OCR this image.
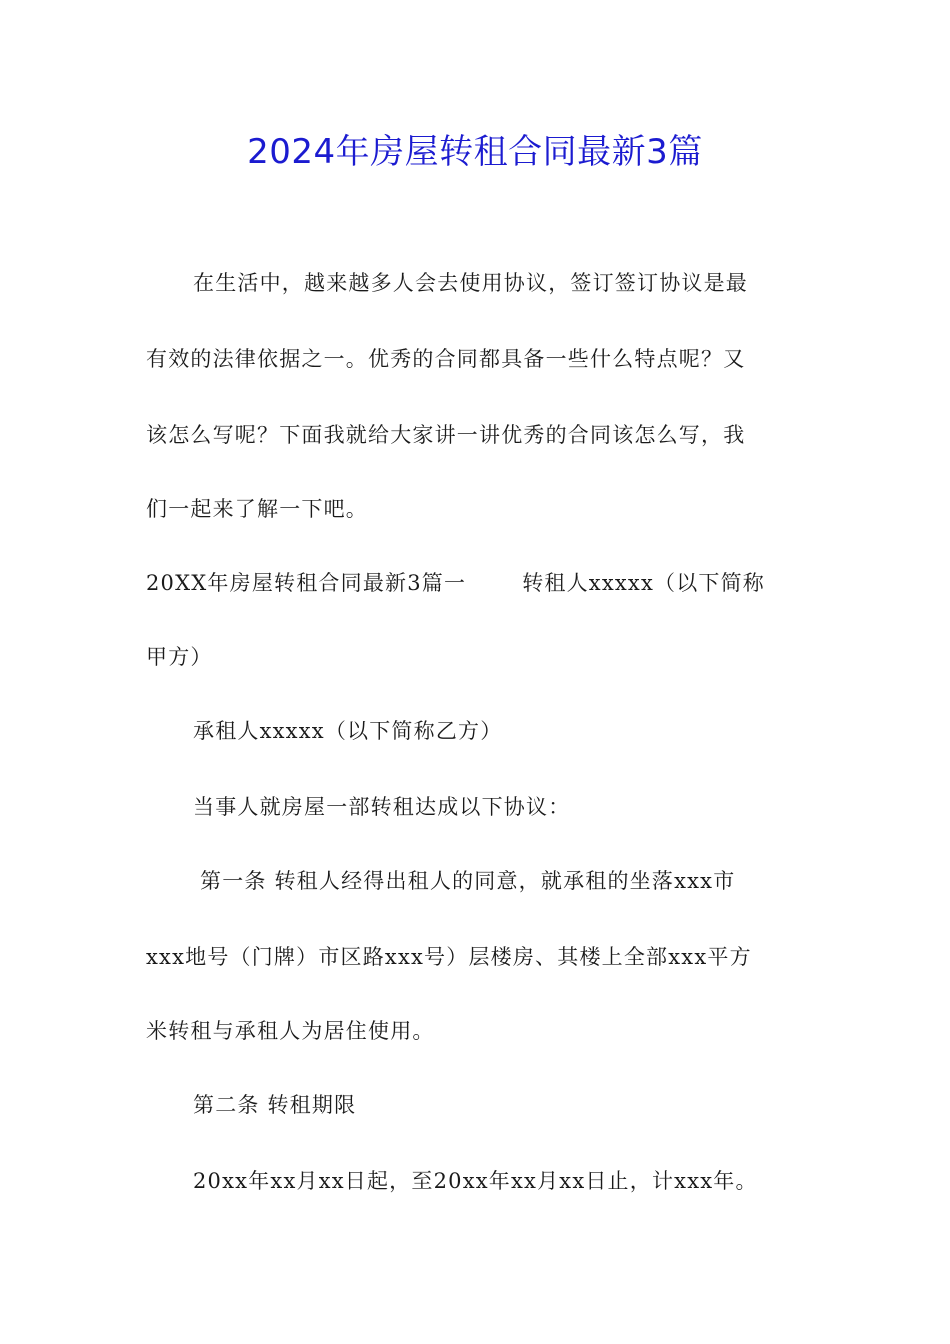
2024年房屋转租合同最新3篇
在生活中，越来越多人会去使用协议，签订签订协议是最
有效的法律依据之一。优秀的合同都具备一些什么特点呢？又
该怎么写呢？下面我就给大家讲一讲优秀的合同该怎么写，我
们一起来了解一下吧。
20XX年房屋转租合同最新3篇一	转租人xxxxx（以下简称
甲方）
承租人xxxxx（以下简称乙方）
当事人就房屋一部转租达成以下协议：
第一条 转租人经得出租人的同意，就承租的坐落xxx市
xxx地号（门牌）市区路xxx号）层楼房、其楼上全部xxx平方
米转租与承租人为居住使用。
第二条 转租期限
20xx年xx月xx日起，至20xx年xx月xx日止，计xxx年。
